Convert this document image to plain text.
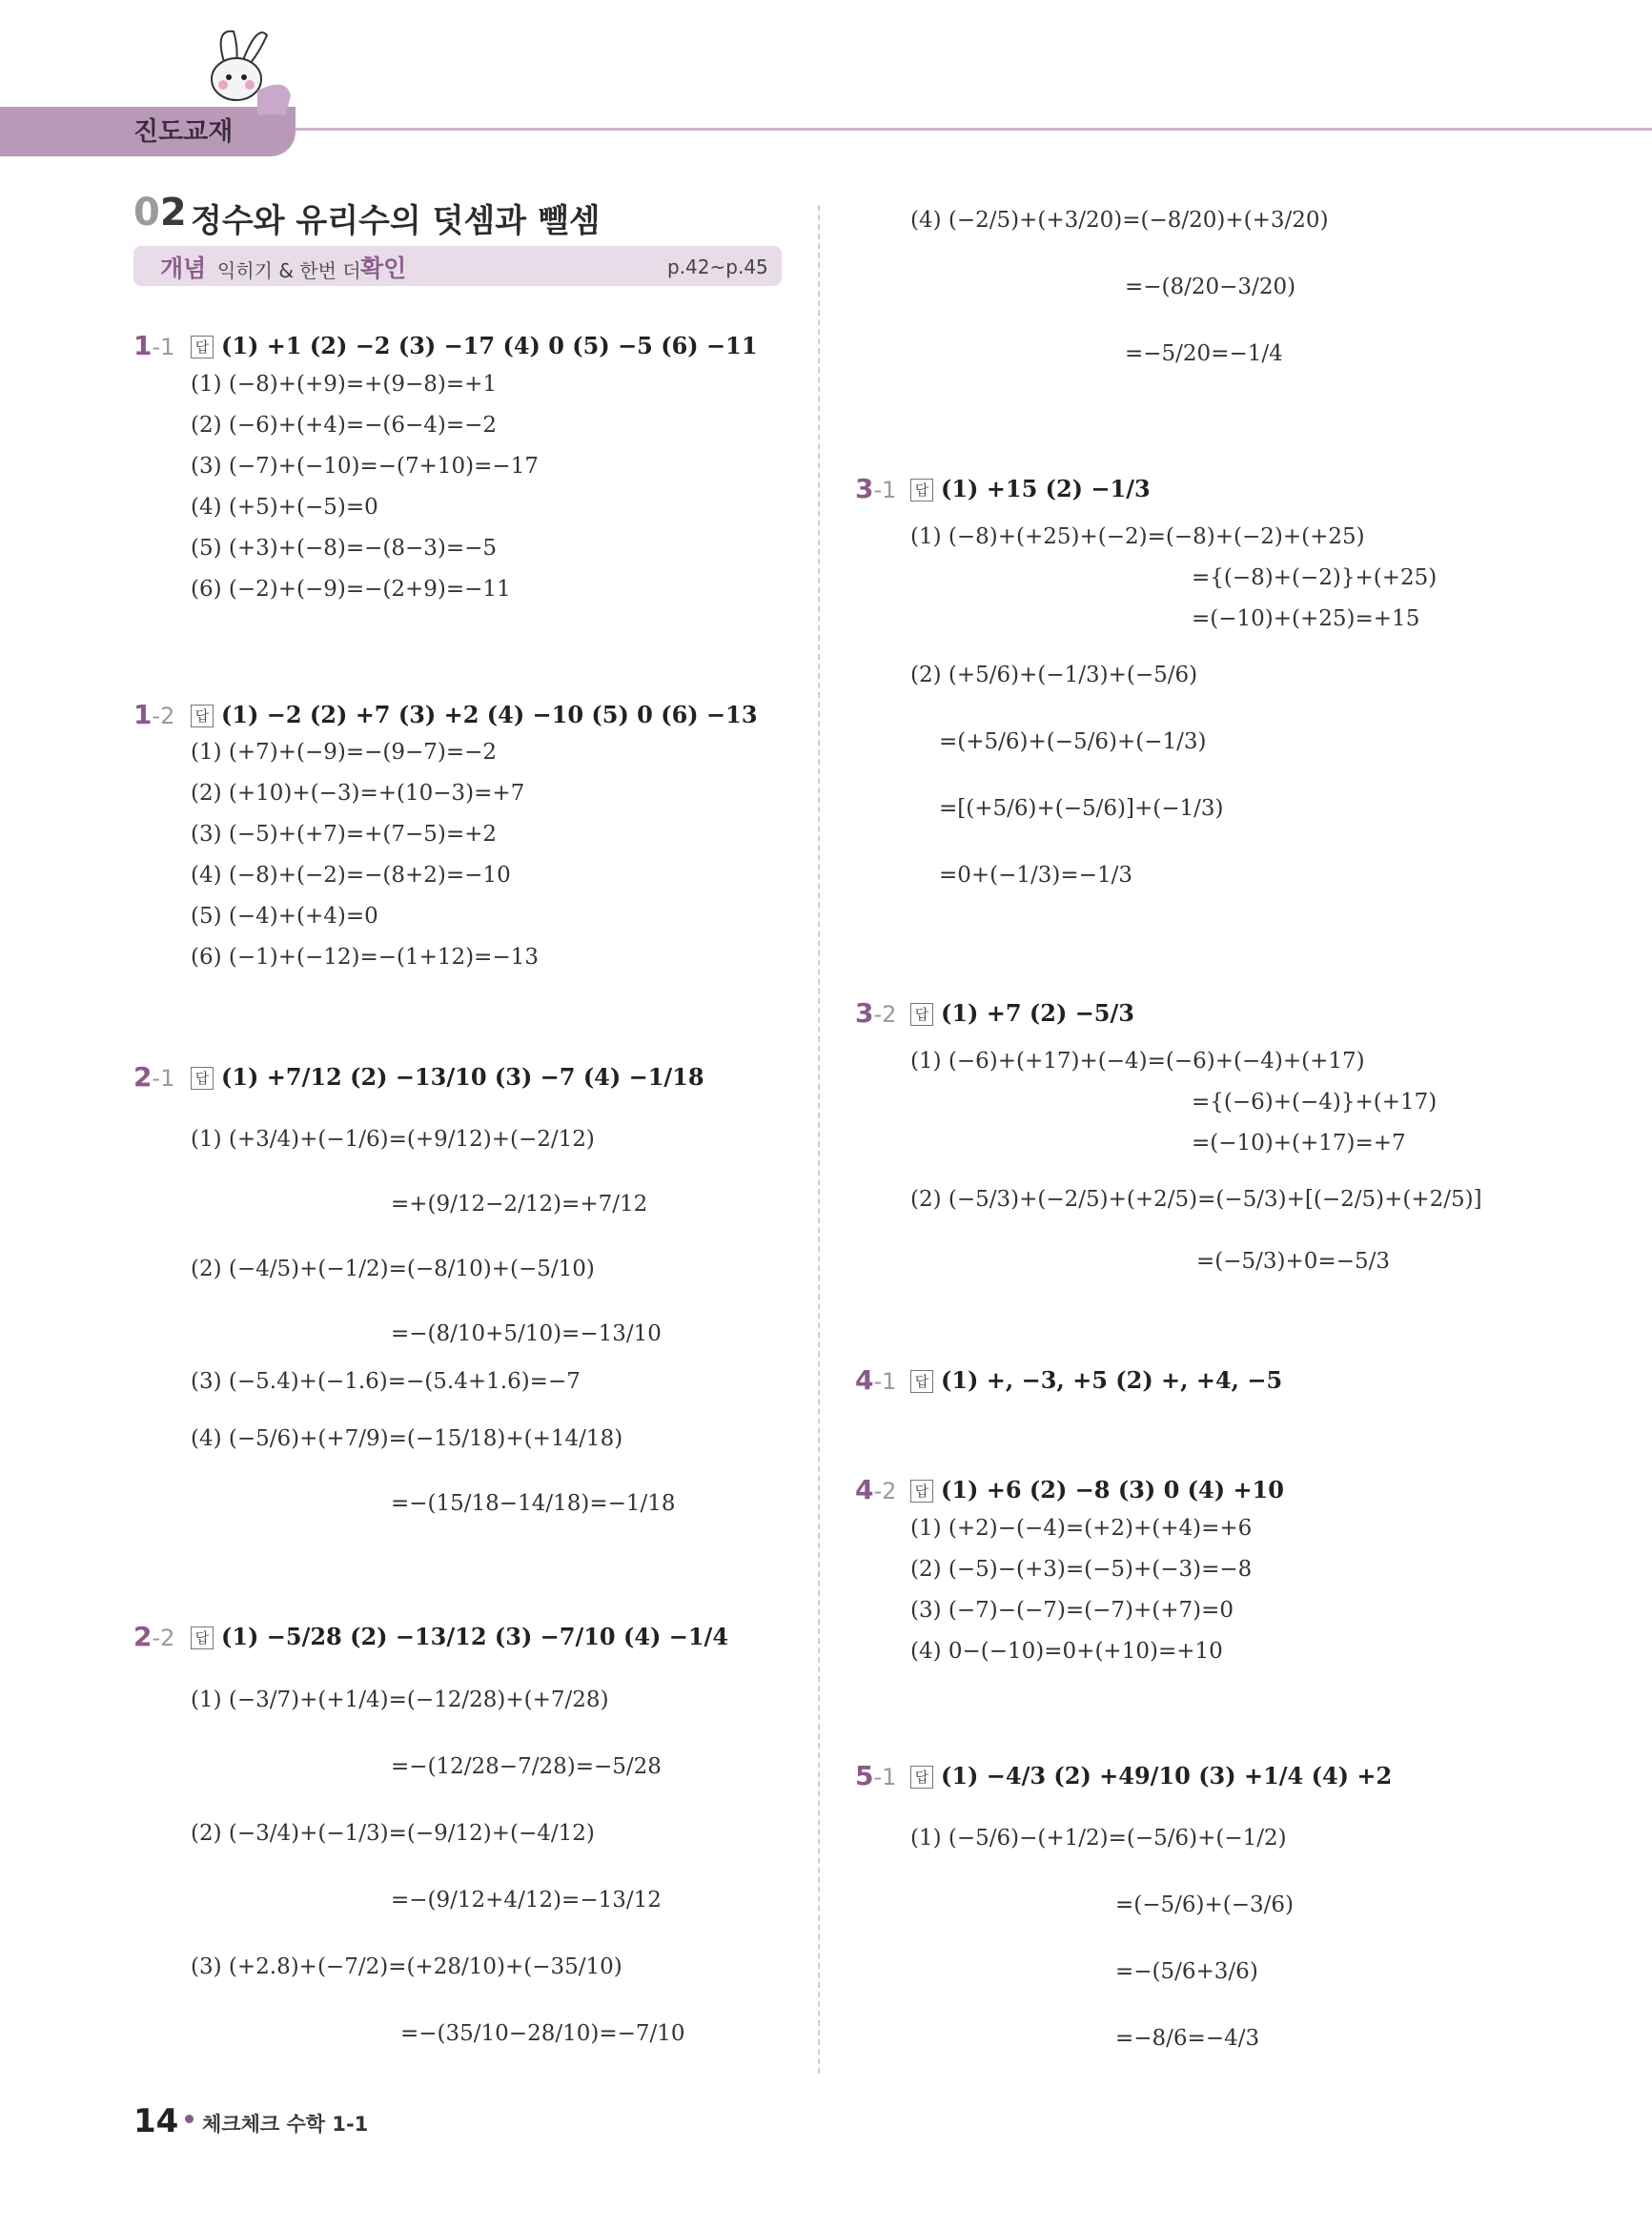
진도교재
02 정수와 유리수의 덧셈과 뺄셈
개념 익히기 & 한번 더 확인	p.42~p.45
1-1	답 (1) +1 (2) −2 (3) −17 (4) 0 (5) −5 (6) −11
(1) (−8)+(+9)=+(9−8)=+1
(2) (−6)+(+4)=−(6−4)=−2
(3) (−7)+(−10)=−(7+10)=−17
(4) (+5)+(−5)=0
(5) (+3)+(−8)=−(8−3)=−5
(6) (−2)+(−9)=−(2+9)=−11
1-2	답 (1) −2 (2) +7 (3) +2 (4) −10 (5) 0 (6) −13
(1) (+7)+(−9)=−(9−7)=−2
(2) (+10)+(−3)=+(10−3)=+7
(3) (−5)+(+7)=+(7−5)=+2
(4) (−8)+(−2)=−(8+2)=−10
(5) (−4)+(+4)=0
(6) (−1)+(−12)=−(1+12)=−13
2-1	답 (1) +7/12 (2) −13/10 (3) −7 (4) −1/18
(1) (+3/4)+(−1/6)=(+9/12)+(−2/12)
=+(9/12−2/12)=+7/12
(2) (−4/5)+(−1/2)=(−8/10)+(−5/10)
=−(8/10+5/10)=−13/10
(3) (−5.4)+(−1.6)=−(5.4+1.6)=−7
(4) (−5/6)+(+7/9)=(−15/18)+(+14/18)
=−(15/18−14/18)=−1/18
2-2	답 (1) −5/28 (2) −13/12 (3) −7/10 (4) −1/4
(1) (−3/7)+(+1/4)=(−12/28)+(+7/28)
=−(12/28−7/28)=−5/28
(2) (−3/4)+(−1/3)=(−9/12)+(−4/12)
=−(9/12+4/12)=−13/12
(3) (+2.8)+(−7/2)=(+28/10)+(−35/10)
=−(35/10−28/10)=−7/10
(4) (−2/5)+(+3/20)=(−8/20)+(+3/20)
=−(8/20−3/20)
=−5/20=−1/4
3-1	답 (1) +15 (2) −1/3
(1) (−8)+(+25)+(−2)=(−8)+(−2)+(+25)
={(−8)+(−2)}+(+25)
=(−10)+(+25)=+15
(2) (+5/6)+(−1/3)+(−5/6)
=(+5/6)+(−5/6)+(−1/3)
=[(+5/6)+(−5/6)]+(−1/3)
=0+(−1/3)=−1/3
3-2	답 (1) +7 (2) −5/3
(1) (−6)+(+17)+(−4)=(−6)+(−4)+(+17)
={(−6)+(−4)}+(+17)
=(−10)+(+17)=+7
(2) (−5/3)+(−2/5)+(+2/5)=(−5/3)+[(−2/5)+(+2/5)]
=(−5/3)+0=−5/3
4-1	답 (1) +, −3, +5 (2) +, +4, −5
4-2	답 (1) +6 (2) −8 (3) 0 (4) +10
(1) (+2)−(−4)=(+2)+(+4)=+6
(2) (−5)−(+3)=(−5)+(−3)=−8
(3) (−7)−(−7)=(−7)+(+7)=0
(4) 0−(−10)=0+(+10)=+10
5-1	답 (1) −4/3 (2) +49/10 (3) +1/4 (4) +2
(1) (−5/6)−(+1/2)=(−5/6)+(−1/2)
=(−5/6)+(−3/6)
=−(5/6+3/6)
=−8/6=−4/3
14 체크체크 수학 1-1
